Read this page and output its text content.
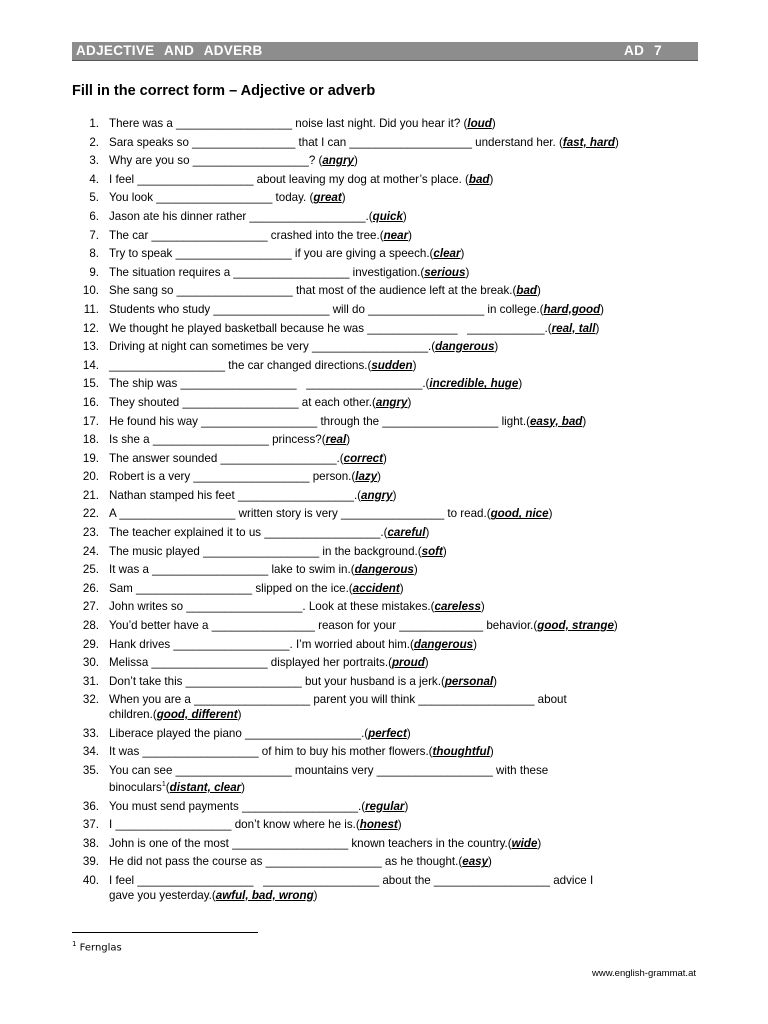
ADJECTIVE AND ADVERB	AD 7
Fill in the correct form – Adjective or adverb
1. There was a __________________ noise last night. Did you hear it? (loud)
2. Sara speaks so ________________ that I can ___________________ understand her. (fast, hard)
3. Why are you so __________________? (angry)
4. I feel __________________ about leaving my dog at mother’s place. (bad)
5. You look __________________ today. (great)
6. Jason ate his dinner rather __________________.(quick)
7. The car __________________ crashed into the tree.(near)
8. Try to speak __________________ if you are giving a speech.(clear)
9. The situation requires a __________________ investigation.(serious)
10. She sang so __________________ that most of the audience left at the break.(bad)
11. Students who study __________________ will do __________________ in college.(hard,good)
12. We thought he played basketball because he was ______________   ____________.(real, tall)
13. Driving at night can sometimes be very __________________.(dangerous)
14. __________________ the car changed directions.(sudden)
15. The ship was __________________   __________________.(incredible, huge)
16. They shouted __________________ at each other.(angry)
17. He found his way __________________ through the __________________ light.(easy, bad)
18. Is she a __________________ princess?(real)
19. The answer sounded __________________.(correct)
20. Robert is a very __________________ person.(lazy)
21. Nathan stamped his feet __________________.(angry)
22. A __________________ written story is very ________________ to read.(good, nice)
23. The teacher explained it to us __________________.(careful)
24. The music played __________________ in the background.(soft)
25. It was a __________________ lake to swim in.(dangerous)
26. Sam __________________ slipped on the ice.(accident)
27. John writes so __________________. Look at these mistakes.(careless)
28. You’d better have a ________________ reason for your _____________ behavior.(good, strange)
29. Hank drives __________________. I’m worried about him.(dangerous)
30. Melissa __________________ displayed her portraits.(proud)
31. Don’t take this __________________ but your husband is a jerk.(personal)
32. When you are a __________________ parent you will think __________________ about
children.(good, different)
33. Liberace played the piano __________________.(perfect)
34. It was __________________ of him to buy his mother flowers.(thoughtful)
35. You can see __________________ mountains very __________________ with these
binoculars$^1$(distant, clear)
36. You must send payments __________________.(regular)
37. I __________________ don’t know where he is.(honest)
38. John is one of the most __________________ known teachers in the country.(wide)
39. He did not pass the course as __________________ as he thought.(easy)
40. I feel __________________   __________________ about the __________________ advice I
gave you yesterday.(awful, bad, wrong)
$^1$ Fernglas
www.english-grammat.at
